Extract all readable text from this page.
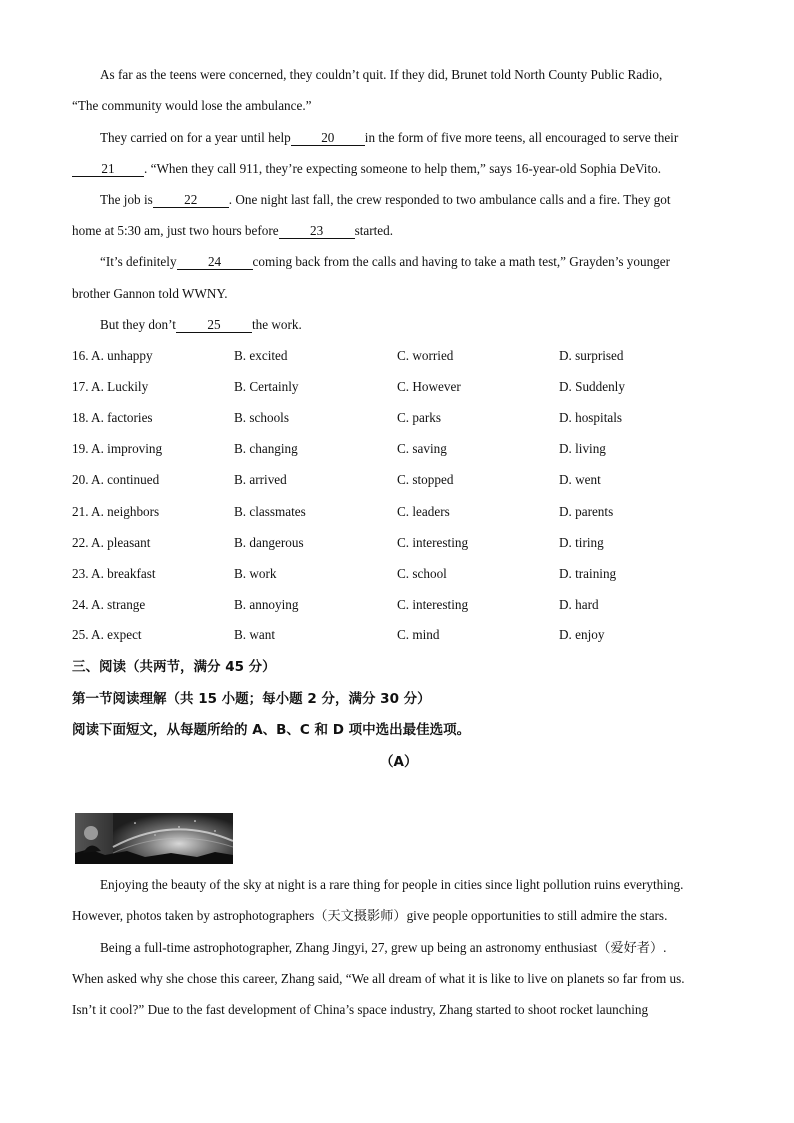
As far as the teens were concerned, they couldn’t quit. If they did, Brunet told North County Public Radio,
“The community would lose the ambulance.”
They carried on for a year until help 20 in the form of five more teens, all encouraged to serve their
21 . “When they call 911, they’re expecting someone to help them,” says 16-year-old Sophia DeVito.
The job is 22 . One night last fall, the crew responded to two ambulance calls and a fire. They got
home at 5:30 am, just two hours before 23 started.
“It’s definitely 24 coming back from the calls and having to take a math test,” Grayden’s younger
brother Gannon told WWNY.
But they don’t 25 the work.
16. A. unhappy	B. excited	C. worried	D. surprised
17. A. Luckily	B. Certainly	C. However	D. Suddenly
18. A. factories	B. schools	C. parks	D. hospitals
19. A. improving	B. changing	C. saving	D. living
20. A. continued	B. arrived	C. stopped	D. went
21. A. neighbors	B. classmates	C. leaders	D. parents
22. A. pleasant	B. dangerous	C. interesting	D. tiring
23. A. breakfast	B. work	C. school	D. training
24. A. strange	B. annoying	C. interesting	D. hard
25. A. expect	B. want	C. mind	D. enjoy
三、阅读（共两节，满分 45 分）
第一节阅读理解（共 15 小题；每小题 2 分，满分 30 分）
阅读下面短文，从每题所给的 A、B、C 和 D 项中选出最佳选项。
（A）
Enjoying the beauty of the sky at night is a rare thing for people in cities since light pollution ruins everything.
However, photos taken by astrophotographers（天文摄影师）give people opportunities to still admire the stars.
Being a full-time astrophotographer, Zhang Jingyi, 27, grew up being an astronomy enthusiast（爱好者）.
When asked why she chose this career, Zhang said, “We all dream of what it is like to live on planets so far from us.
Isn’t it cool?” Due to the fast development of China’s space industry, Zhang started to shoot rocket launching
